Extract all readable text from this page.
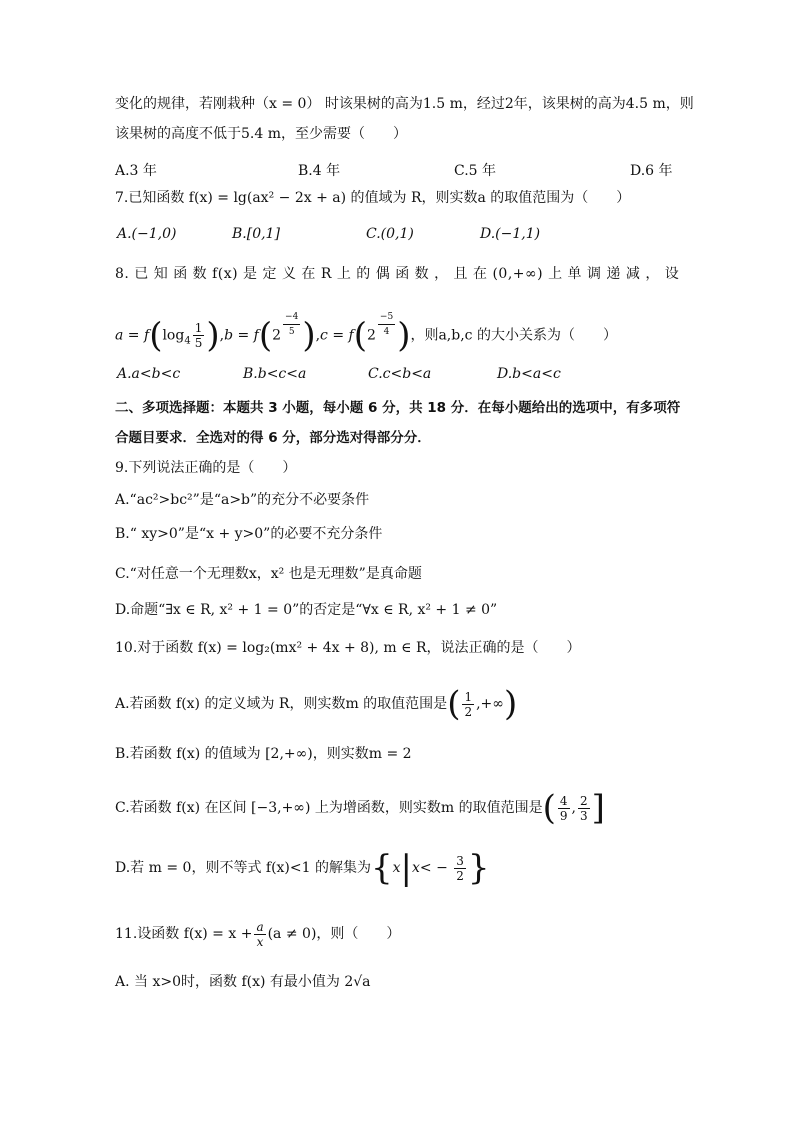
变化的规律，若刚栽种（x = 0） 时该果树的高为1.5 m，经过2年，该果树的高为4.5 m，则
该果树的高度不低于5.4 m，至少需要（　　）
A.3 年	B.4 年	C.5 年	D.6 年
7.已知函数 f(x) = lg(ax² − 2x + a) 的值域为 R，则实数a 的取值范围为（　　）
A.(−1,0)	B.[0,1]	C.(0,1)	D.(−1,1)
8. 已 知 函 数 f(x) 是 定 义 在 R 上 的 偶 函 数 ， 且 在 (0,+∞) 上 单 调 递 减 ， 设
$a = f(\log_4 \frac{1}{5} ),b = f(2 \frac{-4}{5} ),c = f(2 \frac{-5}{4}$ )，则a,b,c 的大小关系为（　　）
A.a<b<c	B.b<c<a	C.c<b<a	D.b<a<c
二、多项选择题：本题共 3 小题，每小题 6 分，共 18 分．在每小题给出的选项中，有多项符
合题目要求．全选对的得 6 分，部分选对得部分分．
9.下列说法正确的是（　　）
A.“ac²>bc²”是“a>b”的充分不必要条件
B.“ xy>0”是“x + y>0”的必要不充分条件
C.“对任意一个无理数x，x² 也是无理数”是真命题
D.命题“∃x ∈ R, x² + 1 = 0”的否定是“∀x ∈ R, x² + 1 ≠ 0”
10.对于函数 f(x) = log₂(mx² + 4x + 8), m ∈ R，说法正确的是（　　）
A.若函数 f(x) 的定义域为 R，则实数m 的取值范围是( $\frac{1}{2}$ ,+∞)
B.若函数 f(x) 的值域为 [2,+∞)，则实数m = 2
C.若函数 f(x) 在区间 [−3,+∞) 上为增函数，则实数m 的取值范围是( $\frac{4}{9}$ , $\frac{2}{3}$ ]
D.若 m = 0，则不等式 f(x)<1 的解集为{$x|x< - \frac{3}{2}$ }
11.设函数 $f(x) = x + \frac{a}{x} (a \ne 0)$，则（　　）
A. 当 x>0时，函数 f(x) 有最小值为 2√a
